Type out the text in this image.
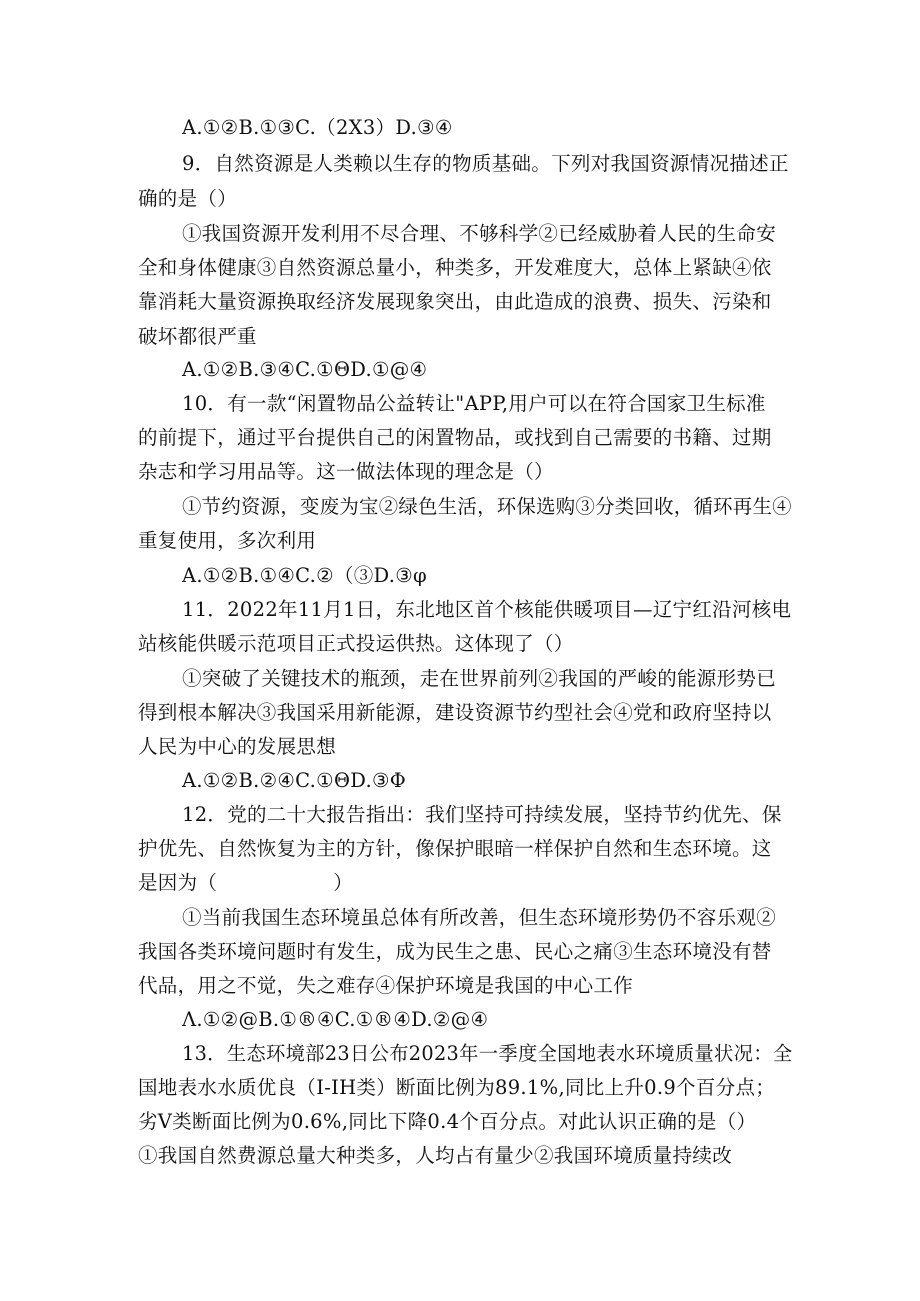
A.①②B.①③C.（2X3）D.③④
9．自然资源是人类赖以生存的物质基础。下列对我国资源情况描述正
确的是（）
①我国资源开发利用不尽合理、不够科学②已经威胁着人民的生命安
全和身体健康③自然资源总量小，种类多，开发难度大，总体上紧缺④依
靠消耗大量资源换取经济发展现象突出，由此造成的浪费、损失、污染和
破坏都很严重
A.①②B.③④C.①ΘD.①@④
10．有一款“闲置物品公益转让"APP,用户可以在符合国家卫生标准
的前提下，通过平台提供自己的闲置物品，或找到自己需要的书籍、过期
杂志和学习用品等。这一做法体现的理念是（）
①节约资源，变废为宝②绿色生活，环保选购③分类回收，循环再生④
重复使用，多次利用
A.①②B.①④C.②（③D.③φ
11．2022年11月1日，东北地区首个核能供暖项目—辽宁红沿河核电
站核能供暖示范项目正式投运供热。这体现了（）
①突破了关键技术的瓶颈，走在世界前列②我国的严峻的能源形势已
得到根本解决③我国采用新能源，建设资源节约型社会④党和政府坚持以
人民为中心的发展思想
A.①②B.②④C.①ΘD.③Φ
12．党的二十大报告指出：我们坚持可持续发展，坚持节约优先、保
护优先、自然恢复为主的方针，像保护眼暗一样保护自然和生态环境。这
是因为（	）
①当前我国生态环境虽总体有所改善，但生态环境形势仍不容乐观②
我国各类环境问题时有发生，成为民生之患、民心之痛③生态环境没有替
代品，用之不觉，失之难存④保护环境是我国的中心工作
Λ.①②@B.①®④C.①®④D.②@④
13．生态环境部23日公布2023年一季度全国地表水环境质量状况：全
国地表水水质优良（I-IH类）断面比例为89.1%,同比上升0.9个百分点；
劣V类断面比例为0.6%,同比下降0.4个百分点。对此认识正确的是（）
①我国自然费源总量大种类多，人均占有量少②我国环境质量持续改
